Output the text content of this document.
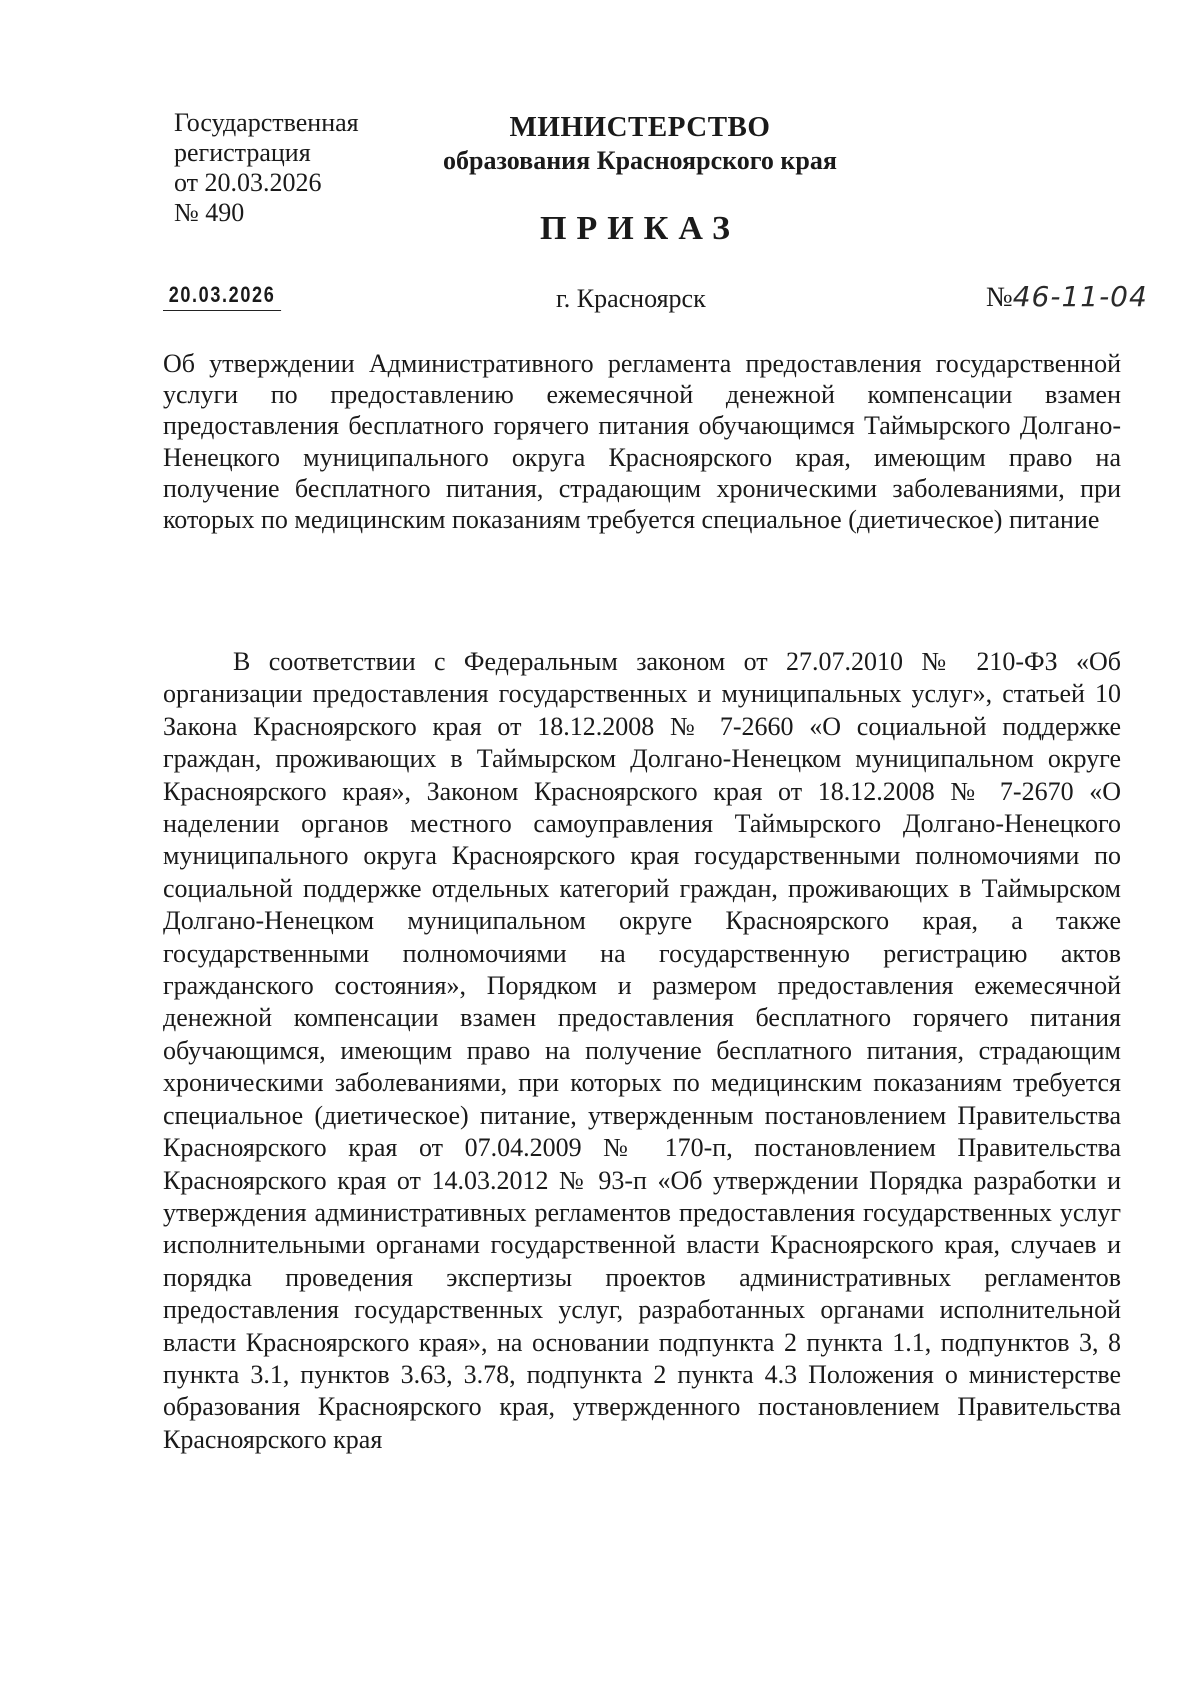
Государственная
регистрация
от 20.03.2026
№ 490
МИНИСТЕРСТВО
образования Красноярского края
ПРИКАЗ
20.03.2026	г. Красноярск	№46-11-04
Об утверждении Административного регламента предоставления государственной услуги по предоставлению ежемесячной денежной компенсации взамен предоставления бесплатного горячего питания обучающимся Таймырского Долгано-Ненецкого муниципального округа Красноярского края, имеющим право на получение бесплатного питания, страдающим хроническими заболеваниями, при которых по медицинским показаниям требуется специальное (диетическое) питание
В соответствии с Федеральным законом от 27.07.2010 № 210-ФЗ «Об организации предоставления государственных и муниципальных услуг», статьей 10 Закона Красноярского края от 18.12.2008 № 7-2660 «О социальной поддержке граждан, проживающих в Таймырском Долгано-Ненецком муниципальном округе Красноярского края», Законом Красноярского края от 18.12.2008 № 7-2670 «О наделении органов местного самоуправления Таймырского Долгано-Ненецкого муниципального округа Красноярского края государственными полномочиями по социальной поддержке отдельных категорий граждан, проживающих в Таймырском Долгано-Ненецком муниципальном округе Красноярского края, а также государственными полномочиями на государственную регистрацию актов гражданского состояния», Порядком и размером предоставления ежемесячной денежной компенсации взамен предоставления бесплатного горячего питания обучающимся, имеющим право на получение бесплатного питания, страдающим хроническими заболеваниями, при которых по медицинским показаниям требуется специальное (диетическое) питание, утвержденным постановлением Правительства Красноярского края от 07.04.2009 № 170-п, постановлением Правительства Красноярского края от 14.03.2012 № 93-п «Об утверждении Порядка разработки и утверждения административных регламентов предоставления государственных услуг исполнительными органами государственной власти Красноярского края, случаев и порядка проведения экспертизы проектов административных регламентов предоставления государственных услуг, разработанных органами исполнительной власти Красноярского края», на основании подпункта 2 пункта 1.1, подпунктов 3, 8 пункта 3.1, пунктов 3.63, 3.78, подпункта 2 пункта 4.3 Положения о министерстве образования Красноярского края, утвержденного постановлением Правительства Красноярского края
